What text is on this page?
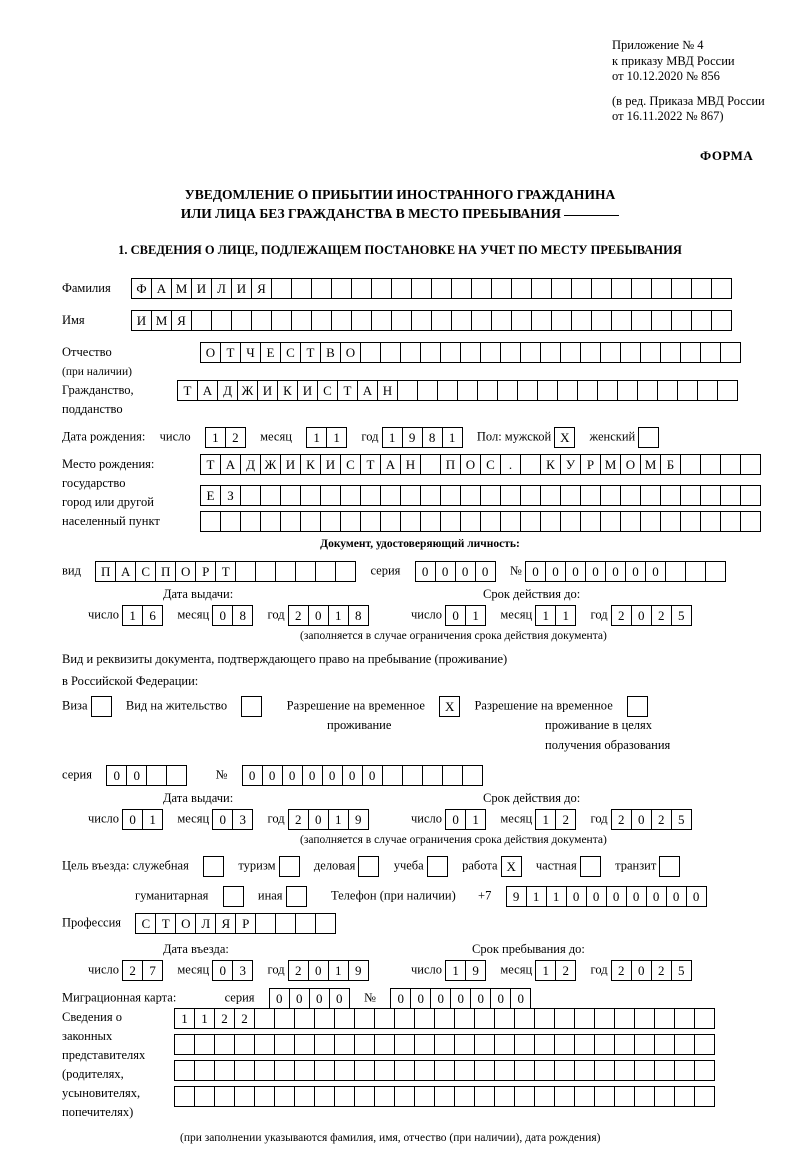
Приложение № 4
к приказу МВД России
от 10.12.2020 № 856
(в ред. Приказа МВД России
от 16.11.2022 № 867)
ФОРМА
УВЕДОМЛЕНИЕ О ПРИБЫТИИ ИНОСТРАННОГО ГРАЖДАНИНА
ИЛИ ЛИЦА БЕЗ ГРАЖДАНСТВА В МЕСТО ПРЕБЫВАНИЯ
1. СВЕДЕНИЯ О ЛИЦЕ, ПОДЛЕЖАЩЕМ ПОСТАНОВКЕ НА УЧЕТ ПО МЕСТУ ПРЕБЫВАНИЯ
Фамилия	Ф А М И Л И Я
Имя	И М Я
Отчество
(при наличии)
О Т Ч Е С Т В О
Гражданство,
подданство
Т А Д Ж И К И С Т А Н
Дата рождения: число	1	2	месяц	1	1	год 1	9	8	1	Пол: мужской X женский
Место рождения:
государство
город или другой
населенный пункт
Т А Д Ж И К И С Т А Н	П О С	.	К У Р М О М Б
Е З
Документ, удостоверяющий личность:
вид	П А С П О Р Т	серия	0	0	0	0	№ 0	0	0	0	0	0	0
Дата выдачи:	Срок действия до:
число 1	6	месяц 0	8	год 2	0	1	8	число 0	1	месяц 1	1	год 2	0	2	5
(заполняется в случае ограничения срока действия документа)
Вид и реквизиты документа, подтверждающего право на пребывание (проживание)
в Российской Федерации:
Виза	Вид на жительство	Разрешение на временное X Разрешение на временное
проживание	проживание в целях
получения образования
серия	0	0	№	0	0	0	0	0	0	0
Дата выдачи:	Срок действия до:
число 0	1	месяц 0	3	год 2	0	1	9	число 0	1	месяц 1	2	год 2	0	2	5
(заполняется в случае ограничения срока действия документа)
Цель въезда: служебная	туризм	деловая	учеба	работа X частная	транзит
гуманитарная	иная	Телефон (при наличии) +7	9	1	1	0	0	0	0	0	0	0
Профессия	С Т О Л Я Р
Дата въезда:	Срок пребывания до:
число 2	7	месяц 0	3	год 2	0	1	9	число 1	9	месяц 1	2	год 2	0	2	5
Миграционная карта:	серия	0	0	0	0	№	0	0	0	0	0	0	0
Сведения о
законных
представителях
(родителях,
усыновителях,
попечителях)
1	1	2	2
(при заполнении указываются фамилия, имя, отчество (при наличии), дата рождения)
